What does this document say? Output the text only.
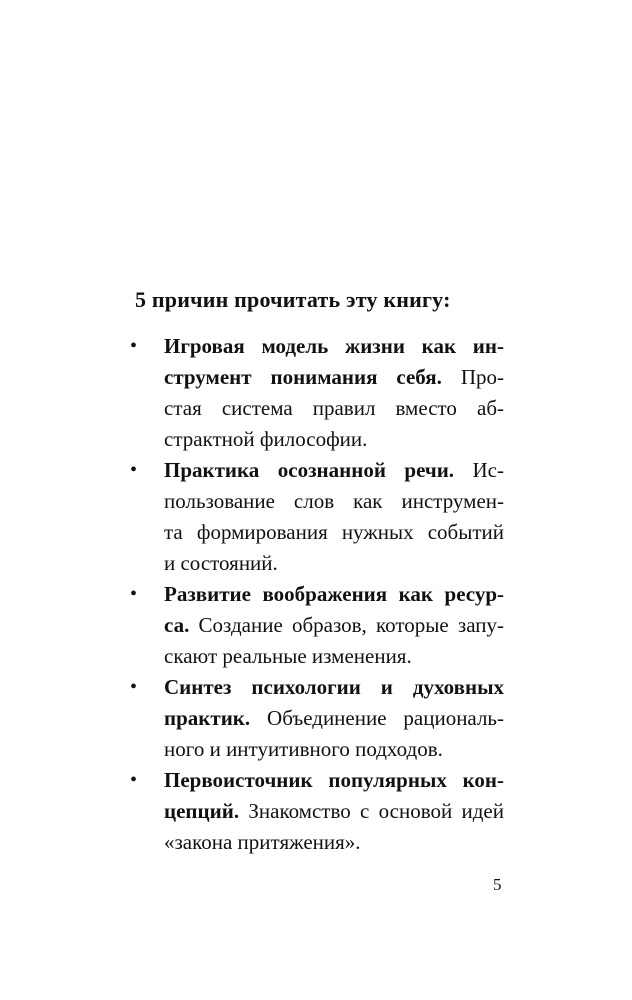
5 причин прочитать эту книгу:
• Игровая модель жизни как ин-
струмент понимания себя. Про-
стая система правил вместо аб-
страктной философии.
• Практика осознанной речи. Ис-
пользование слов как инструмен-
та формирования нужных событий
и состояний.
• Развитие воображения как ресур-
са. Создание образов, которые запу-
скают реальные изменения.
• Синтез психологии и духовных
практик. Объединение рациональ-
ного и интуитивного подходов.
• Первоисточник популярных кон-
цепций. Знакомство с основой идей
«закона притяжения».
5
